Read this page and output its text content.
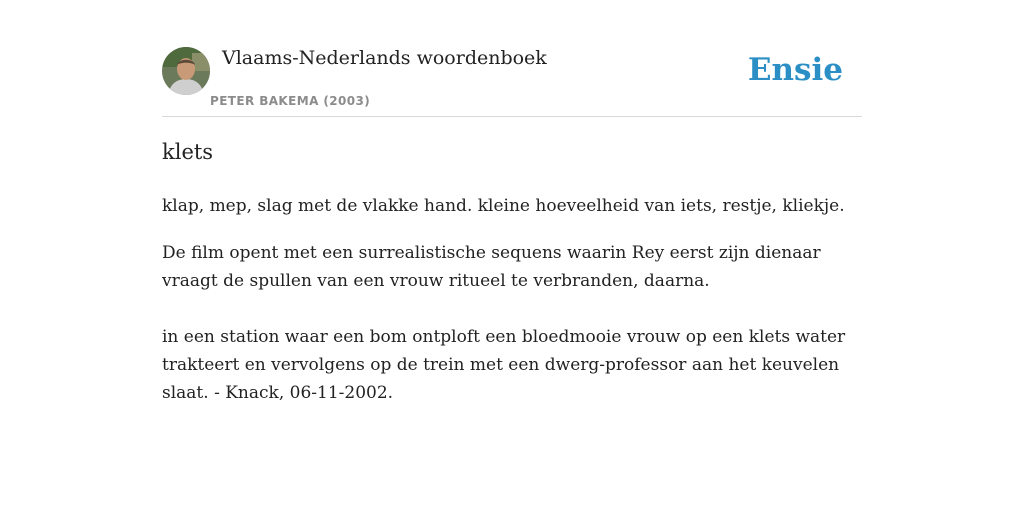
Vlaams-Nederlands woordenboek
PETER BAKEMA (2003)
Ensie
klets

klap, mep, slag met de vlakke hand. kleine hoeveelheid van iets, restje, kliekje.

De film opent met een surrealistische sequens waarin Rey eerst zijn dienaar vraagt de spullen van een vrouw ritueel te verbranden, daarna.
in een station waar een bom ontploft een bloedmooie vrouw op een klets water trakteert en vervolgens op de trein met een dwerg-professor aan het keuvelen slaat. - Knack, 06-11-2002.
